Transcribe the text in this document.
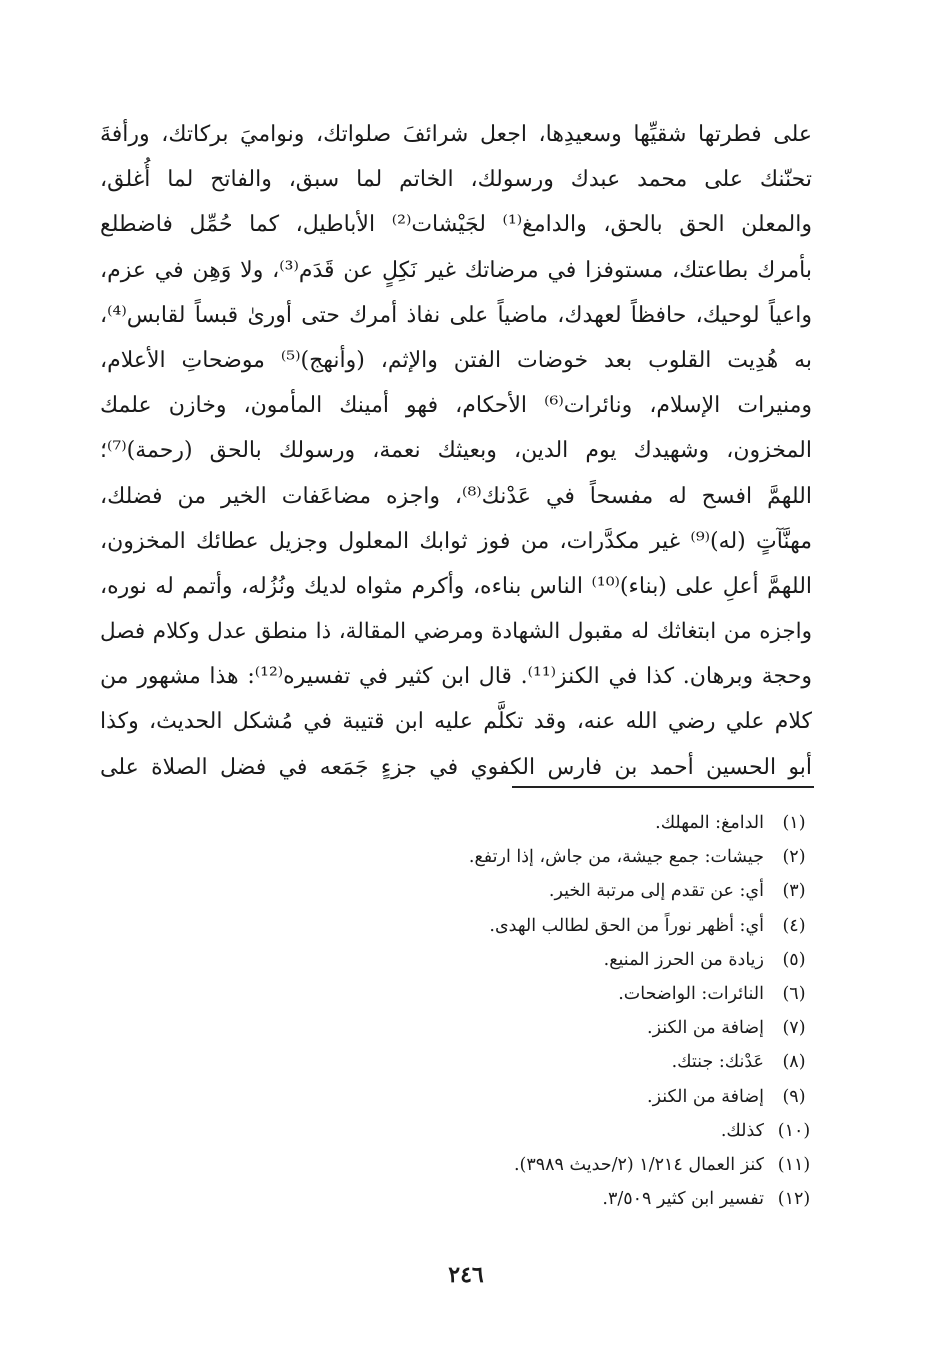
على فطرتها شقيِّها وسعيدِها، اجعل شرائفَ صلواتك، ونواميَ بركاتك، ورأفةَ
تحنّنك على محمد عبدك ورسولك، الخاتم لما سبق، والفاتح لما أُغلق،
والمعلن الحق بالحق، والدامغ⁽¹⁾ لجَيْشات⁽²⁾ الأباطيل، كما حُمِّل فاضطلع
بأمرك بطاعتك، مستوفزا في مرضاتك غير نَكِلٍ عن قَدَم⁽³⁾، ولا وَهِن في عزم،
واعياً لوحيك، حافظاً لعهدك، ماضياً على نفاذ أمرك حتى أورىٰ قبساً لقابس⁽⁴⁾،
به هُدِيت القلوب بعد خوضات الفتن والإثم، (وأنهج)⁽⁵⁾ موضحاتِ الأعلام،
ومنيرات الإسلام، ونائرات⁽⁶⁾ الأحكام، فهو أمينك المأمون، وخازن علمك
المخزون، وشهيدك يوم الدين، وبعيثك نعمة، ورسولك بالحق (رحمة)⁽⁷⁾؛
اللهمَّ افسح له مفسحاً في عَدْنك⁽⁸⁾، واجزه مضاعَفات الخير من فضلك،
مهنَّآتٍ (له)⁽⁹⁾ غير مكدَّرات، من فوز ثوابك المعلول وجزيل عطائك المخزون،
اللهمَّ أعلِ على (بناء)⁽¹⁰⁾ الناس بناءه، وأكرم مثواه لديك ونُزُله، وأتمم له نوره،
واجزه من ابتغاثك له مقبول الشهادة ومرضي المقالة، ذا منطق عدل وكلام فصل
وحجة وبرهان. كذا في الكنز⁽¹¹⁾. قال ابن كثير في تفسيره⁽¹²⁾: هذا مشهور من
كلام علي رضي الله عنه، وقد تكلَّم عليه ابن قتيبة في مُشكل الحديث، وكذا
أبو الحسين أحمد بن فارس الكفوي في جزءٍ جَمَعه في فضل الصلاة على
(١)
الدامغ: المهلك.
(٢)
جيشات: جمع جيشة، من جاش، إذا ارتفع.
(٣)
أي: عن تقدم إلى مرتبة الخير.
(٤)
أي: أظهر نوراً من الحق لطالب الهدى.
(٥)
زيادة من الحرز المنيع.
(٦)
النائرات: الواضحات.
(٧)
إضافة من الكنز.
(٨)
عَدْنك: جنتك.
(٩)
إضافة من الكنز.
(١٠)
كذلك.
(١١)
كنز العمال ١/٢١٤ (٢/حديث ٣٩٨٩).
(١٢)
تفسير ابن كثير ٣/٥٠٩.
٢٤٦
